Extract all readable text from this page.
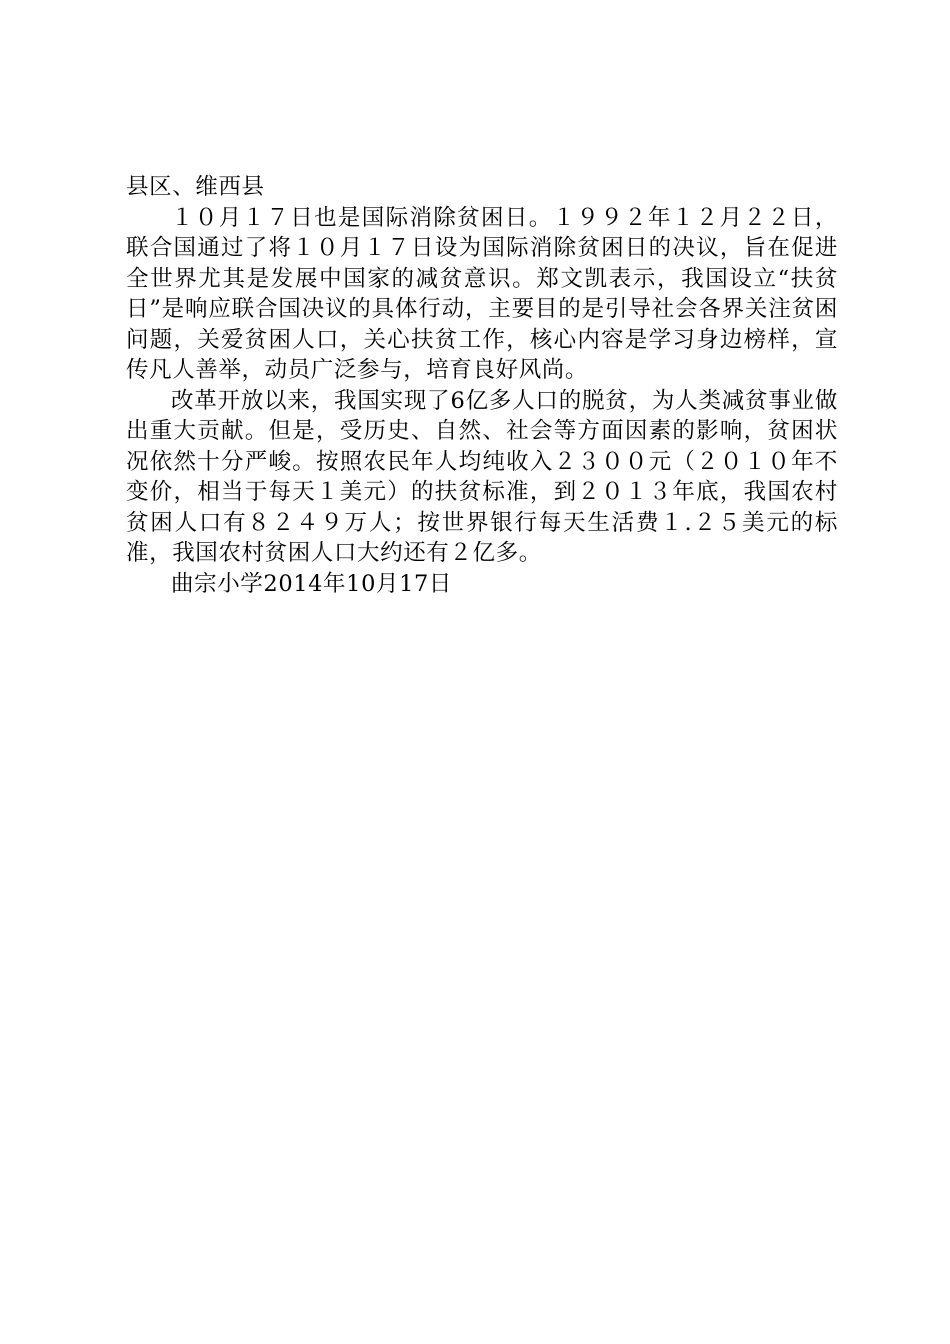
县区、维西县

１０月１７日也是国际消除贫困日。１９９２年１２月２２日，联合国通过了将１０月１７日设为国际消除贫困日的决议，旨在促进全世界尤其是发展中国家的减贫意识。郑文凯表示，我国设立“扶贫日”是响应联合国决议的具体行动，主要目的是引导社会各界关注贫困问题，关爱贫困人口，关心扶贫工作，核心内容是学习身边榜样，宣传凡人善举，动员广泛参与，培育良好风尚。

改革开放以来，我国实现了6亿多人口的脱贫，为人类减贫事业做出重大贡献。但是，受历史、自然、社会等方面因素的影响，贫困状况依然十分严峻。按照农民年人均纯收入２３００元（２０１０年不变价，相当于每天１美元）的扶贫标准，到２０１３年底，我国农村贫困人口有８２４９万人；按世界银行每天生活费１.２５美元的标准，我国农村贫困人口大约还有２亿多。

曲宗小学2014年10月17日
